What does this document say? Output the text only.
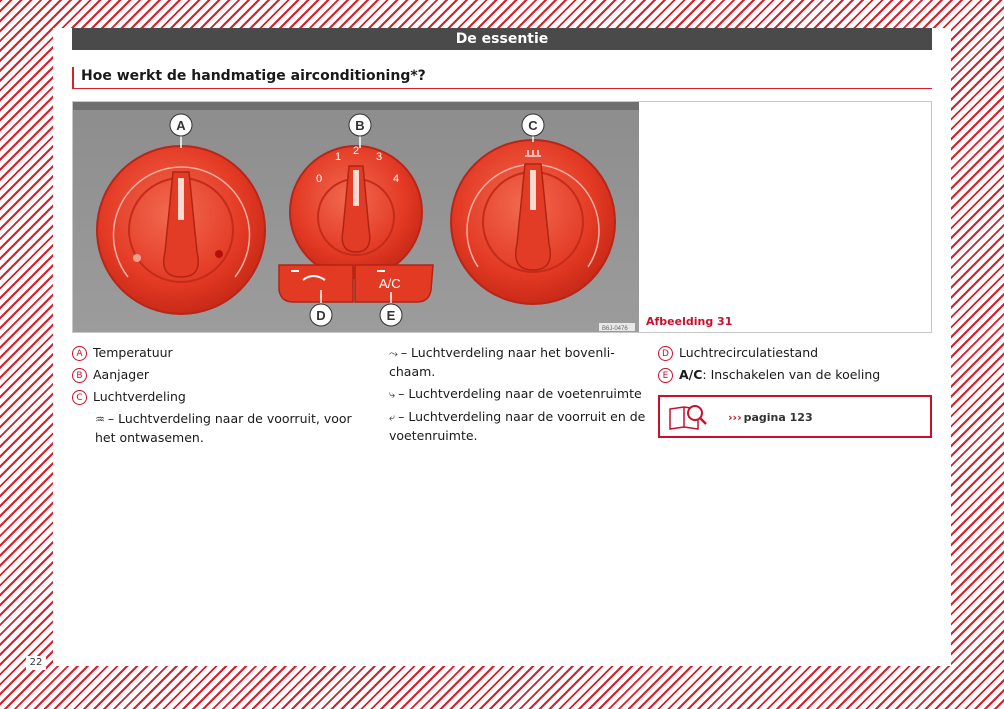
De essentie
Hoe werkt de handmatige airconditioning*?
0
1 2 3
4
A/C
A	B	C
D	E
B6J-0476
Afbeelding 31
A Temperatuur
B Aanjager
C Luchtverdeling
♒ – Luchtverdeling naar de voorruit, voor het ontwasemen.
⤳ – Luchtverdeling naar het bovenlichaam.
⤷ – Luchtverdeling naar de voetenruimte
⤶ – Luchtverdeling naar de voorruit en de voetenruimte.
D Luchtrecirculatiestand
E A/C: Inschakelen van de koeling
››› pagina 123
22
